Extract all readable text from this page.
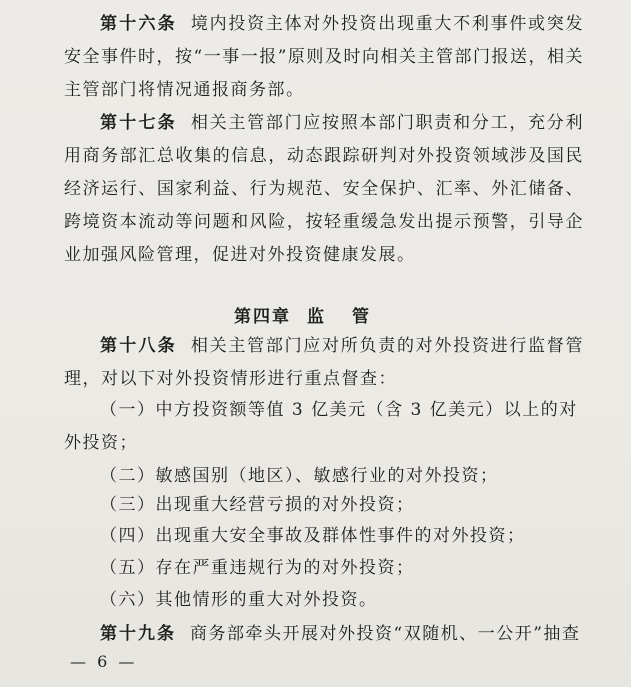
第十六条 境内投资主体对外投资出现重大不利事件或突发安全事件时，按“一事一报”原则及时向相关主管部门报送，相关主管部门将情况通报商务部。

第十七条 相关主管部门应按照本部门职责和分工，充分利用商务部汇总收集的信息，动态跟踪研判对外投资领域涉及国民经济运行、国家利益、行为规范、安全保护、汇率、外汇储备、跨境资本流动等问题和风险，按轻重缓急发出提示预警，引导企业加强风险管理，促进对外投资健康发展。

第四章 监管

第十八条 相关主管部门应对所负责的对外投资进行监督管理，对以下对外投资情形进行重点督查：

（一）中方投资额等值 3 亿美元（含 3 亿美元）以上的对外投资；

（二）敏感国别（地区）、敏感行业的对外投资；

（三）出现重大经营亏损的对外投资；

（四）出现重大安全事故及群体性事件的对外投资；

（五）存在严重违规行为的对外投资；

（六）其他情形的重大对外投资。

第十九条 商务部牵头开展对外投资“双随机、一公开”抽查

— 6 —
